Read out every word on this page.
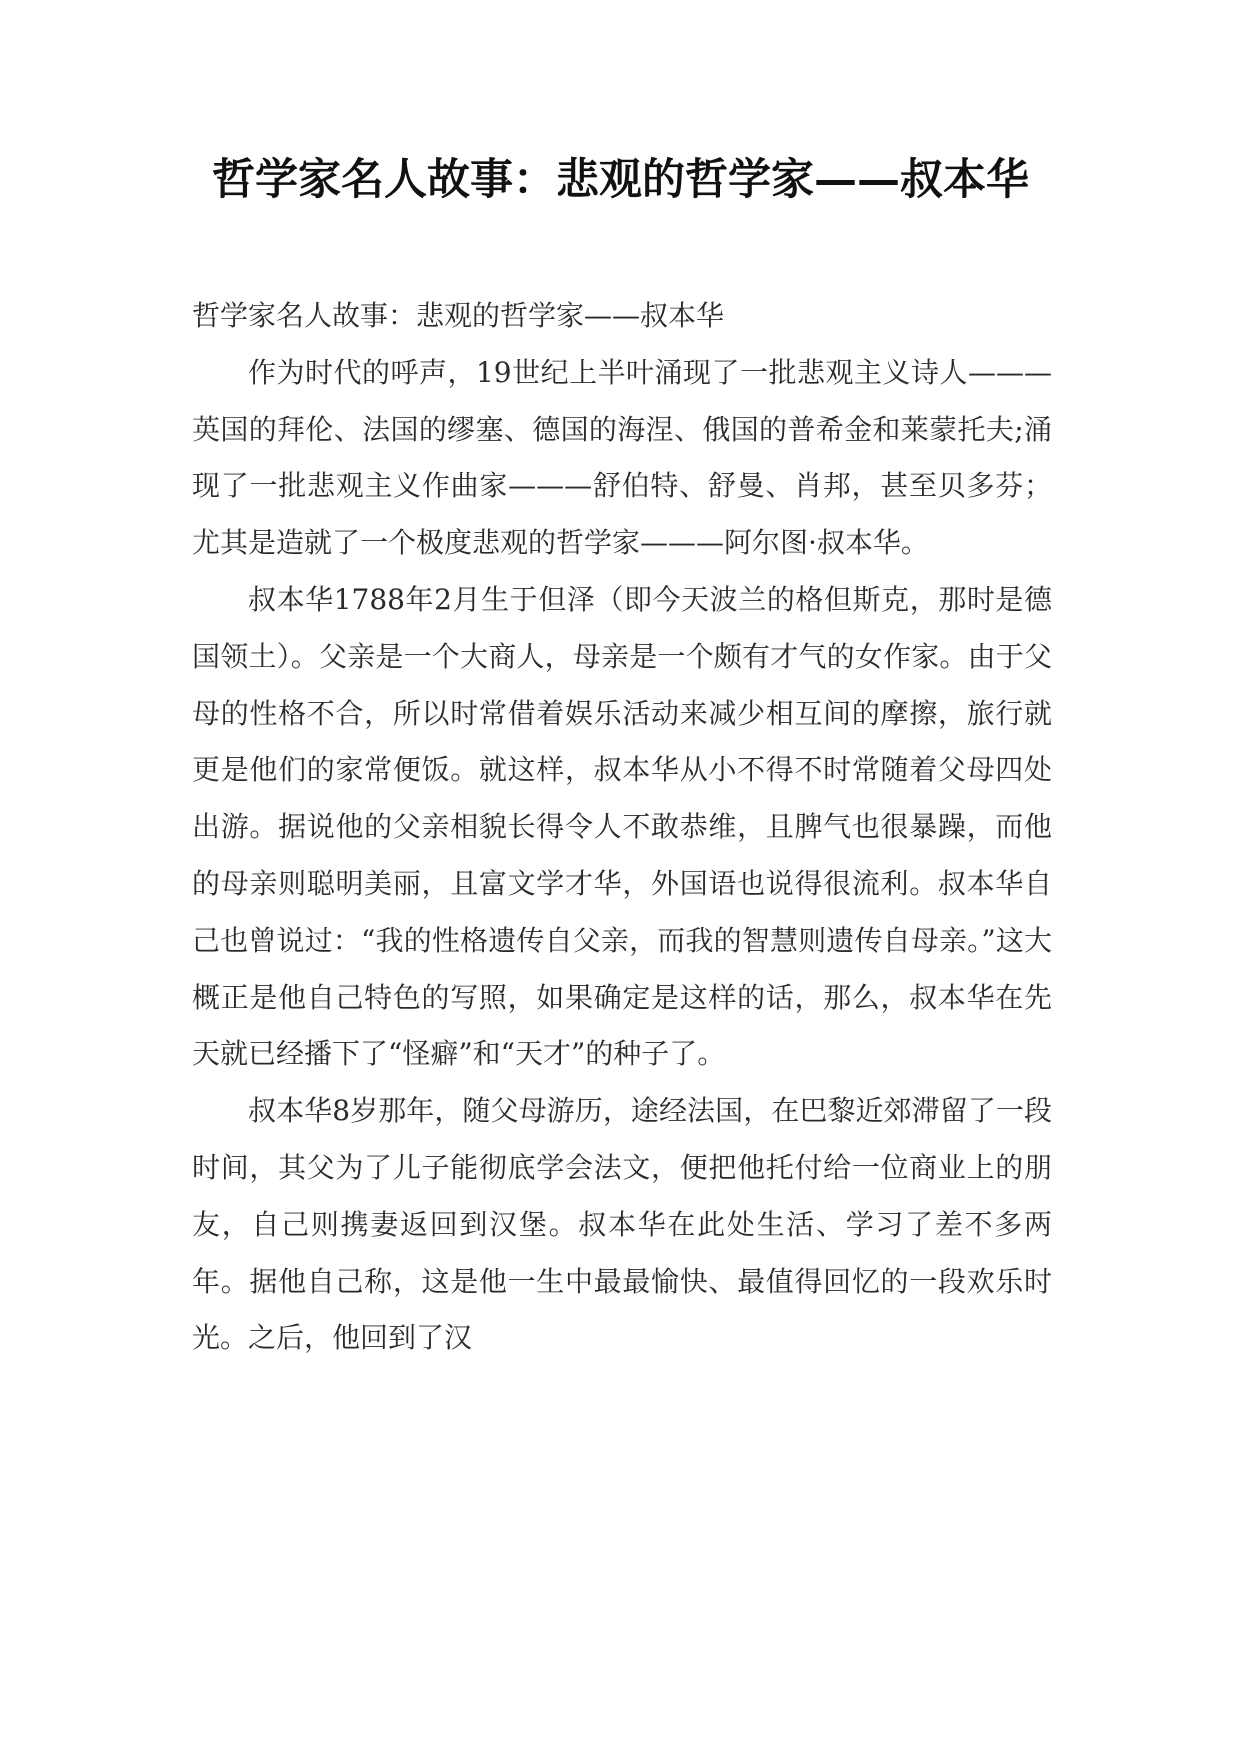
哲学家名人故事：悲观的哲学家——叔本华

哲学家名人故事：悲观的哲学家——叔本华

作为时代的呼声，19世纪上半叶涌现了一批悲观主义诗人———英国的拜伦、法国的缪塞、德国的海涅、俄国的普希金和莱蒙托夫;涌现了一批悲观主义作曲家———舒伯特、舒曼、肖邦，甚至贝多芬；尤其是造就了一个极度悲观的哲学家———阿尔图·叔本华。

叔本华1788年2月生于但泽（即今天波兰的格但斯克，那时是德国领土）。父亲是一个大商人，母亲是一个颇有才气的女作家。由于父母的性格不合，所以时常借着娱乐活动来减少相互间的摩擦，旅行就更是他们的家常便饭。就这样，叔本华从小不得不时常随着父母四处出游。据说他的父亲相貌长得令人不敢恭维，且脾气也很暴躁，而他的母亲则聪明美丽，且富文学才华，外国语也说得很流利。叔本华自己也曾说过：“我的性格遗传自父亲，而我的智慧则遗传自母亲。”这大概正是他自己特色的写照，如果确定是这样的话，那么，叔本华在先天就已经播下了“怪癖”和“天才”的种子了。

叔本华8岁那年，随父母游历，途经法国，在巴黎近郊滞留了一段时间，其父为了儿子能彻底学会法文，便把他托付给一位商业上的朋友，自己则携妻返回到汉堡。叔本华在此处生活、学习了差不多两年。据他自己称，这是他一生中最最愉快、最值得回忆的一段欢乐时光。之后，他回到了汉
